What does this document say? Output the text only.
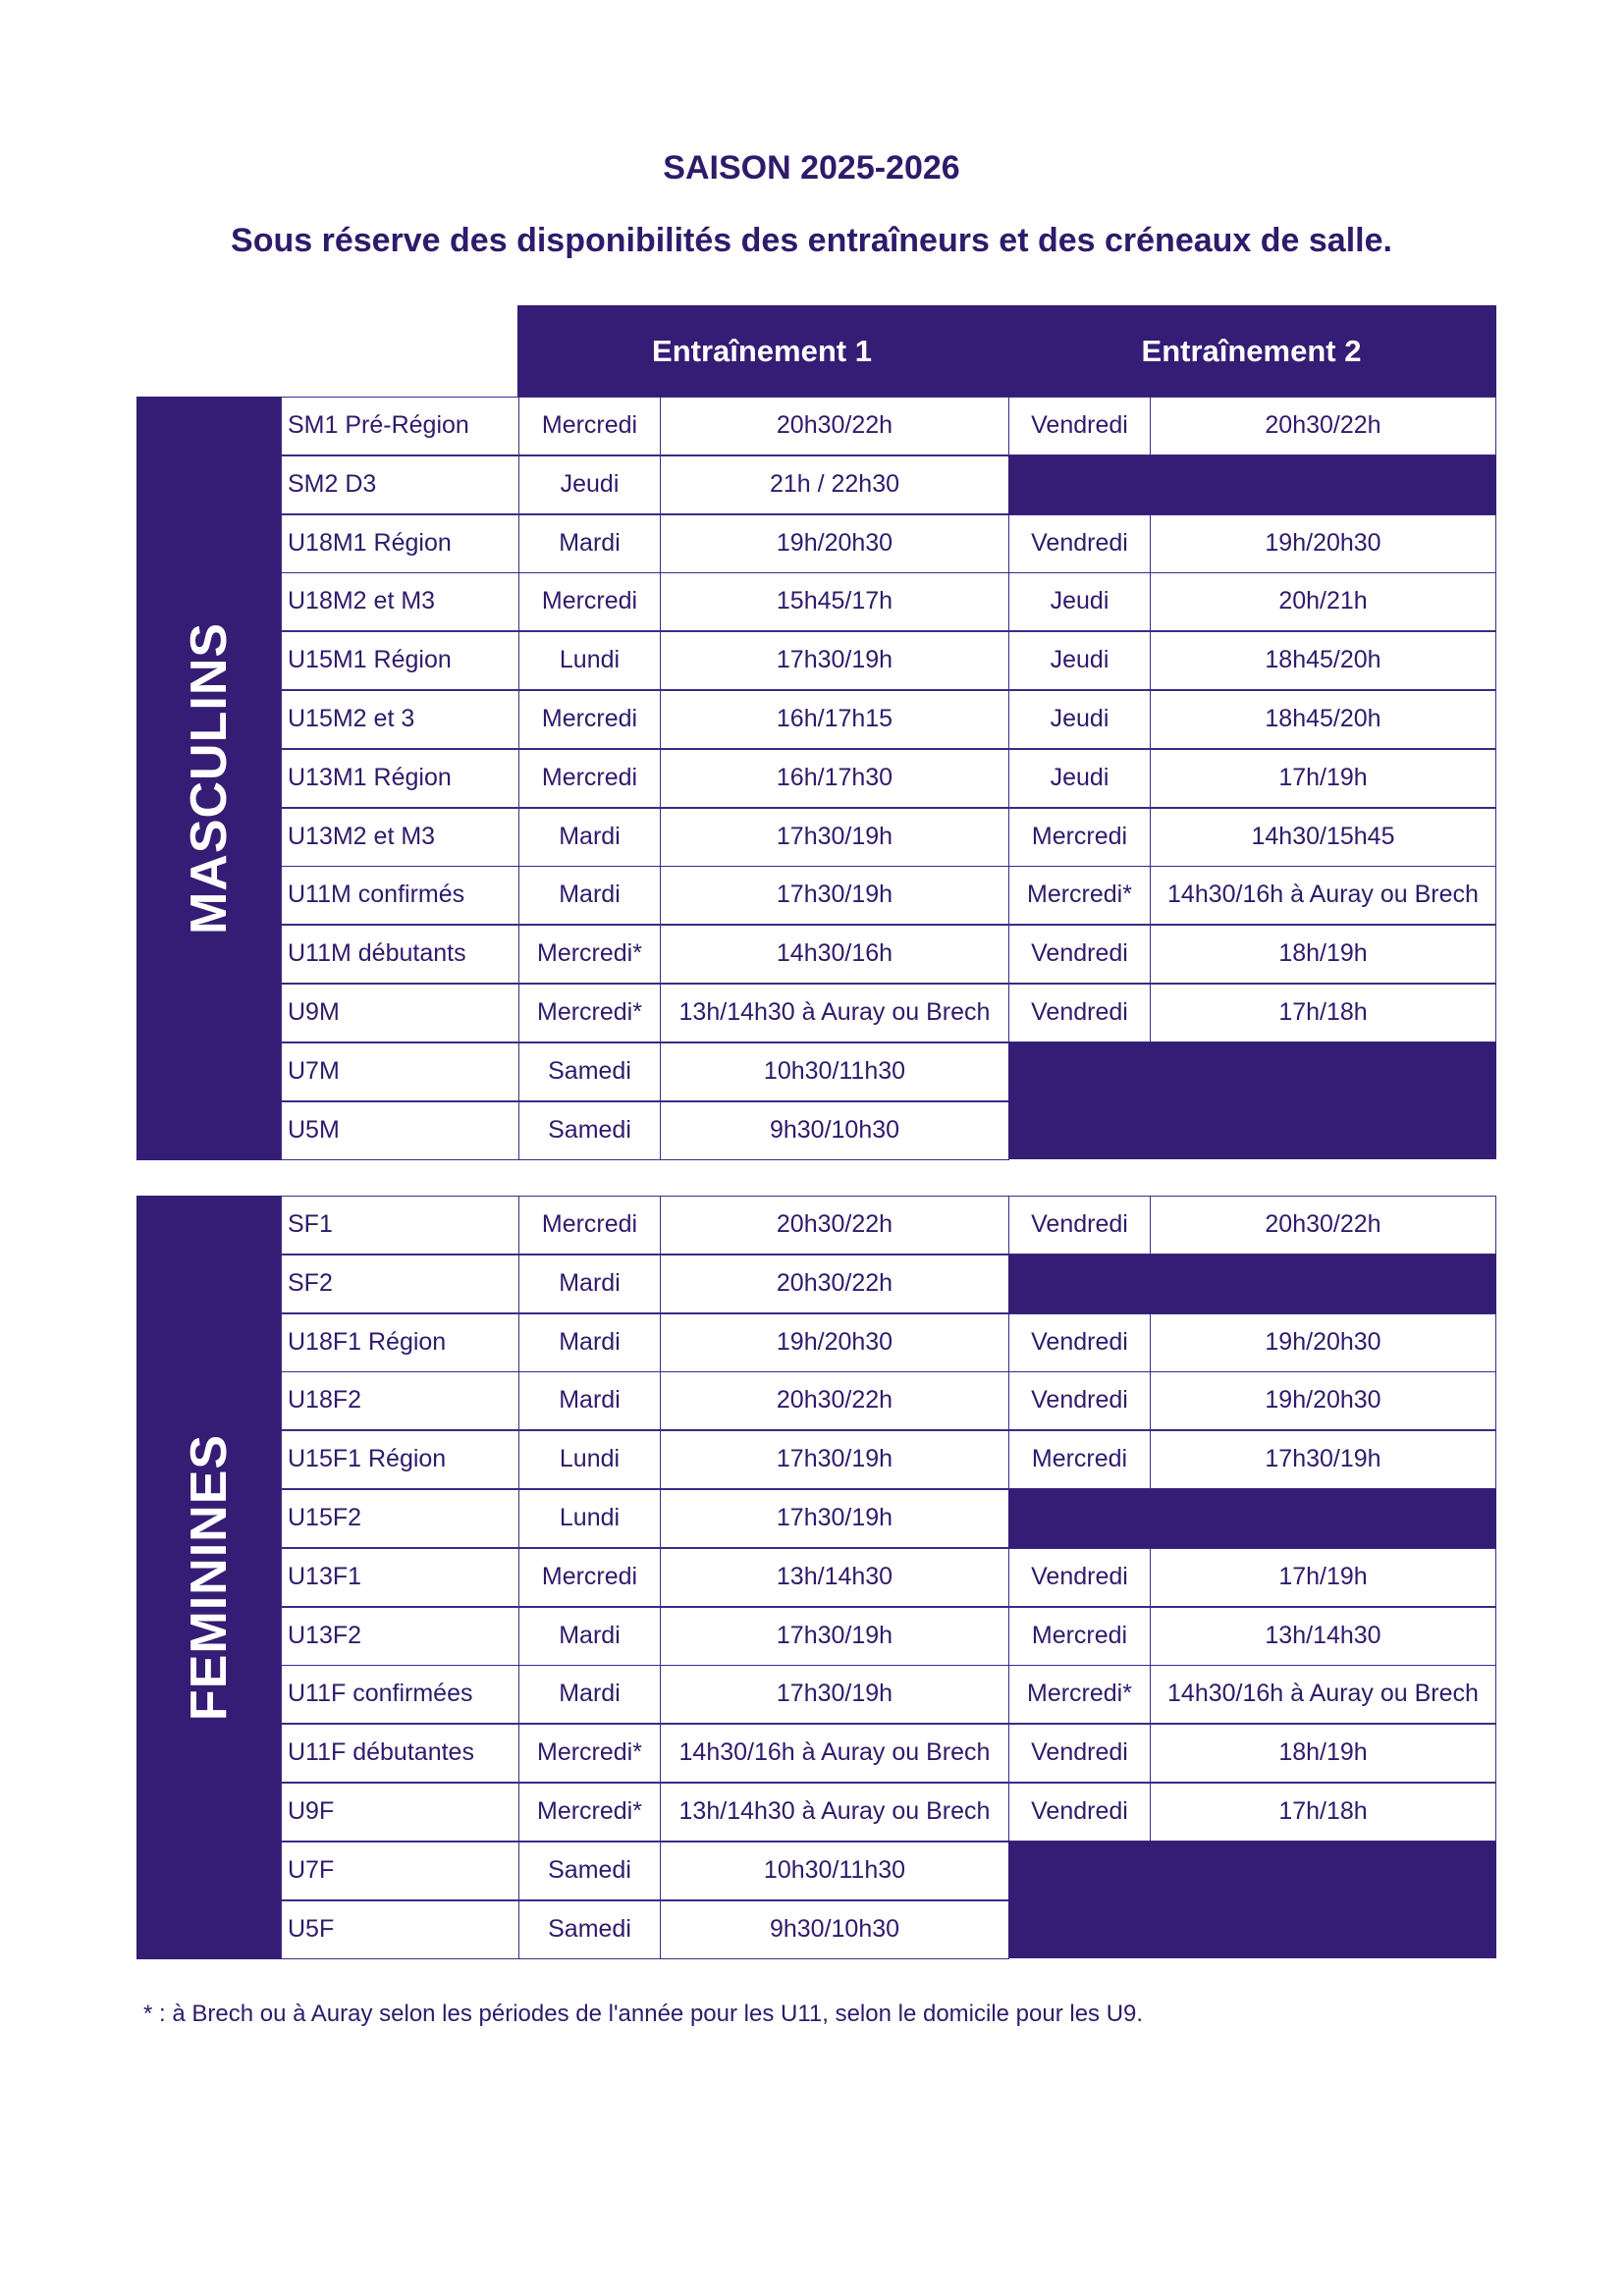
SAISON 2025-2026
Sous réserve des disponibilités des entraîneurs et des créneaux de salle.
Entraînement 1	Entraînement 2
MASCULINS
SM1 Pré-Région	Mercredi	20h30/22h	Vendredi	20h30/22h
SM2 D3	Jeudi	21h / 22h30
U18M1 Région	Mardi	19h/20h30	Vendredi	19h/20h30
U18M2 et M3	Mercredi	15h45/17h	Jeudi	20h/21h
U15M1 Région	Lundi	17h30/19h	Jeudi	18h45/20h
U15M2 et 3	Mercredi	16h/17h15	Jeudi	18h45/20h
U13M1 Région	Mercredi	16h/17h30	Jeudi	17h/19h
U13M2 et M3	Mardi	17h30/19h	Mercredi	14h30/15h45
U11M confirmés	Mardi	17h30/19h	Mercredi*	14h30/16h à Auray ou Brech
U11M débutants	Mercredi*	14h30/16h	Vendredi	18h/19h
U9M	Mercredi*	13h/14h30 à Auray ou Brech	Vendredi	17h/18h
U7M	Samedi	10h30/11h30
U5M	Samedi	9h30/10h30
FEMININES
SF1	Mercredi	20h30/22h	Vendredi	20h30/22h
SF2	Mardi	20h30/22h
U18F1 Région	Mardi	19h/20h30	Vendredi	19h/20h30
U18F2	Mardi	20h30/22h	Vendredi	19h/20h30
U15F1 Région	Lundi	17h30/19h	Mercredi	17h30/19h
U15F2	Lundi	17h30/19h
U13F1	Mercredi	13h/14h30	Vendredi	17h/19h
U13F2	Mardi	17h30/19h	Mercredi	13h/14h30
U11F confirmées	Mardi	17h30/19h	Mercredi*	14h30/16h à Auray ou Brech
U11F débutantes	Mercredi*	14h30/16h à Auray ou Brech	Vendredi	18h/19h
U9F	Mercredi*	13h/14h30 à Auray ou Brech	Vendredi	17h/18h
U7F	Samedi	10h30/11h30
U5F	Samedi	9h30/10h30
* : à Brech ou à Auray selon les périodes de l'année pour les U11, selon le domicile pour les U9.
